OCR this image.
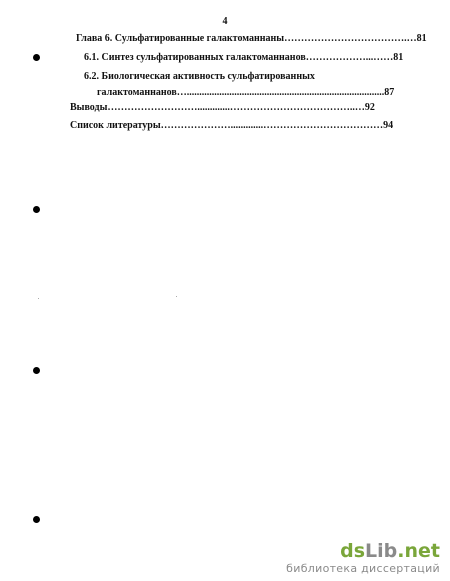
4
Глава 6. Сульфатированные галактоманнаны……………………………….…81
6.1. Синтез сульфатированных галактоманнанов………………...……81
6.2. Биологическая активность сульфатированных
галактоманнанов…...............................................................................87
Выводы……………………….............………………………………..…92
Список литературы………………….............………………………………94
dsLib.net
библиотека диссертаций
